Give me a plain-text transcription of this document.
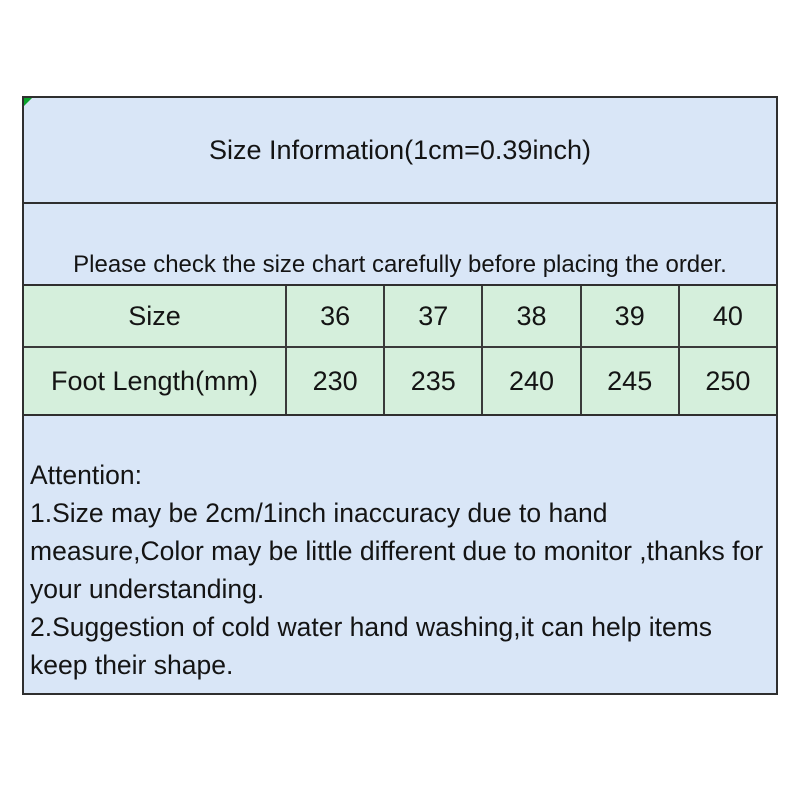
Size Information(1cm=0.39inch)
Please check the size chart carefully before placing the order.
Size	36	37	38	39	40
Foot Length(mm)	230	235	240	245	250

Attention:

1.Size may be 2cm/1inch inaccuracy due to hand measure,Color may be little different due to monitor ,thanks for your understanding.

2.Suggestion of cold water hand washing,it can help items keep their shape.
